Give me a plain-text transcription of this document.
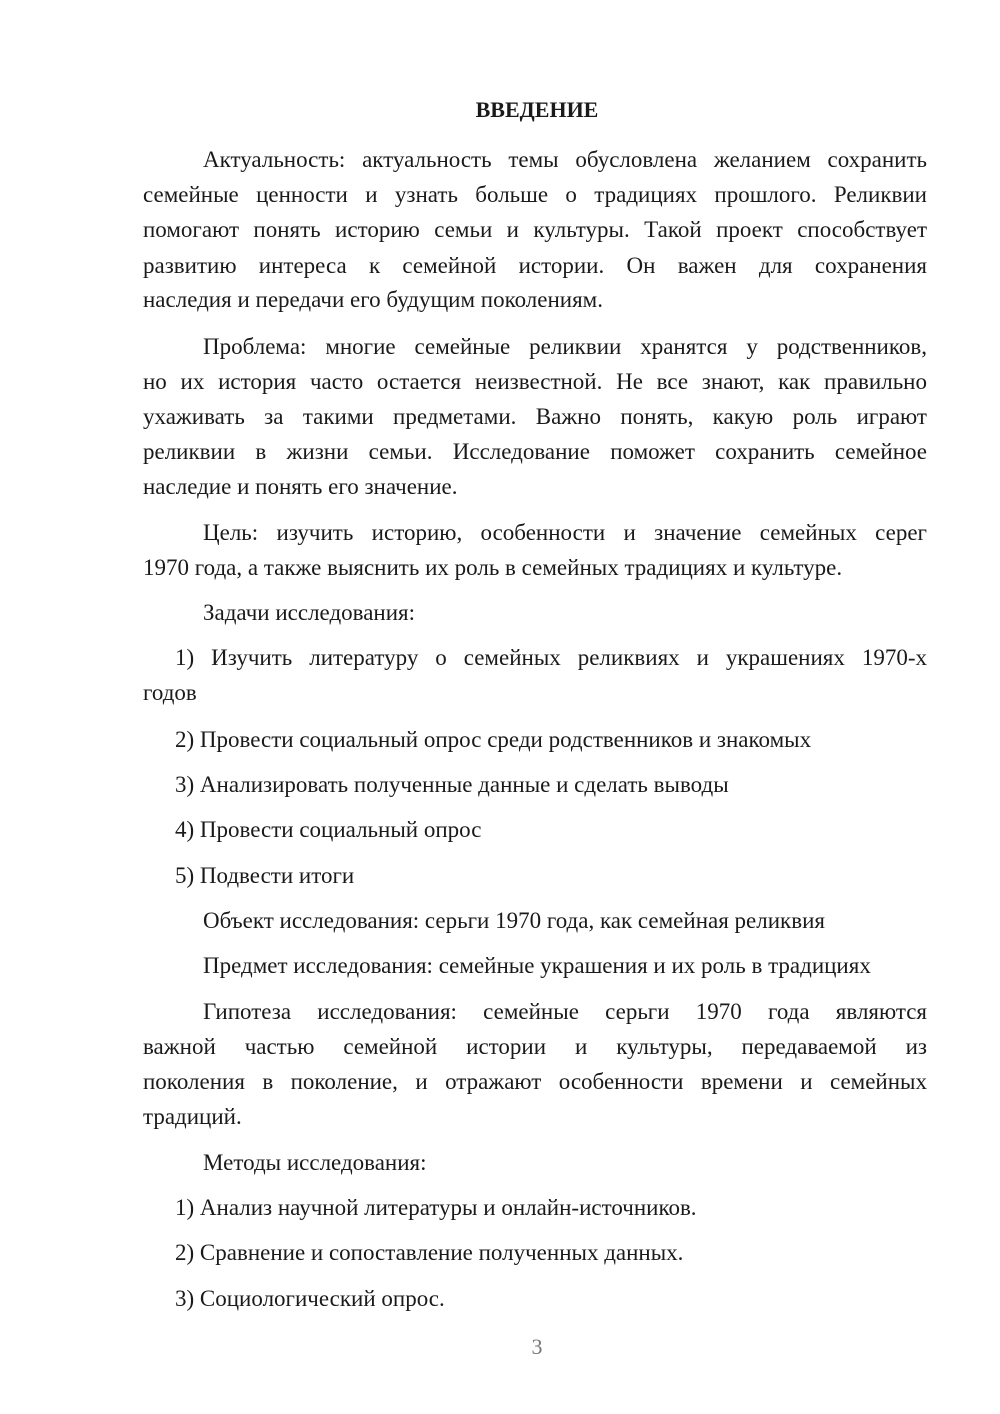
ВВЕДЕНИЕ
Актуальность: актуальность темы обусловлена желанием сохранить
семейные ценности и узнать больше о традициях прошлого. Реликвии
помогают понять историю семьи и культуры. Такой проект способствует
развитию интереса к семейной истории. Он важен для сохранения
наследия и передачи его будущим поколениям.
Проблема: многие семейные реликвии хранятся у родственников,
но их история часто остается неизвестной. Не все знают, как правильно
ухаживать за такими предметами. Важно понять, какую роль играют
реликвии в жизни семьи. Исследование поможет сохранить семейное
наследие и понять его значение.
Цель: изучить историю, особенности и значение семейных серег
1970 года, а также выяснить их роль в семейных традициях и культуре.
Задачи исследования:
1) Изучить литературу о семейных реликвиях и украшениях 1970-х
годов
2) Провести социальный опрос среди родственников и знакомых
3) Анализировать полученные данные и сделать выводы
4) Провести социальный опрос
5) Подвести итоги
Объект исследования: серьги 1970 года, как семейная реликвия
Предмет исследования: семейные украшения и их роль в традициях
Гипотеза исследования: семейные серьги 1970 года являются
важной частью семейной истории и культуры, передаваемой из
поколения в поколение, и отражают особенности времени и семейных
традиций.
Методы исследования:
1) Анализ научной литературы и онлайн-источников.
2) Сравнение и сопоставление полученных данных.
3) Социологический опрос.
3
